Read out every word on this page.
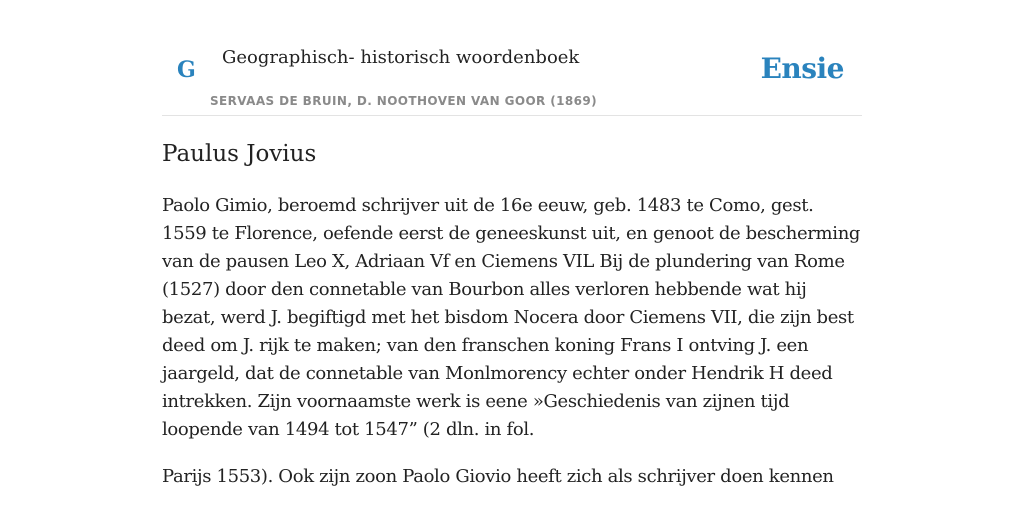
G Geographisch- historisch woordenboek
SERVAAS DE BRUIN, D. NOOTHOVEN VAN GOOR (1869)
Ensie
Paulus Jovius

Paolo Gimio, beroemd schrijver uit de 16e eeuw, geb. 1483 te Como, gest. 1559 te Florence, oefende eerst de geneeskunst uit, en genoot de bescherming van de pausen Leo X, Adriaan Vf en Ciemens VIL Bij de plundering van Rome (1527) door den connetable van Bourbon alles verloren hebbende wat hij bezat, werd J. begiftigd met het bisdom Nocera door Ciemens VII, die zijn best deed om J. rijk te maken; van den franschen koning Frans I ontving J. een jaargeld, dat de connetable van Monlmorency echter onder Hendrik H deed intrekken. Zijn voornaamste werk is eene »Geschiedenis van zijnen tijd loopende van 1494 tot 1547” (2 dln. in fol.

Parijs 1553). Ook zijn zoon Paolo Giovio heeft zich als schrijver doen kennen
